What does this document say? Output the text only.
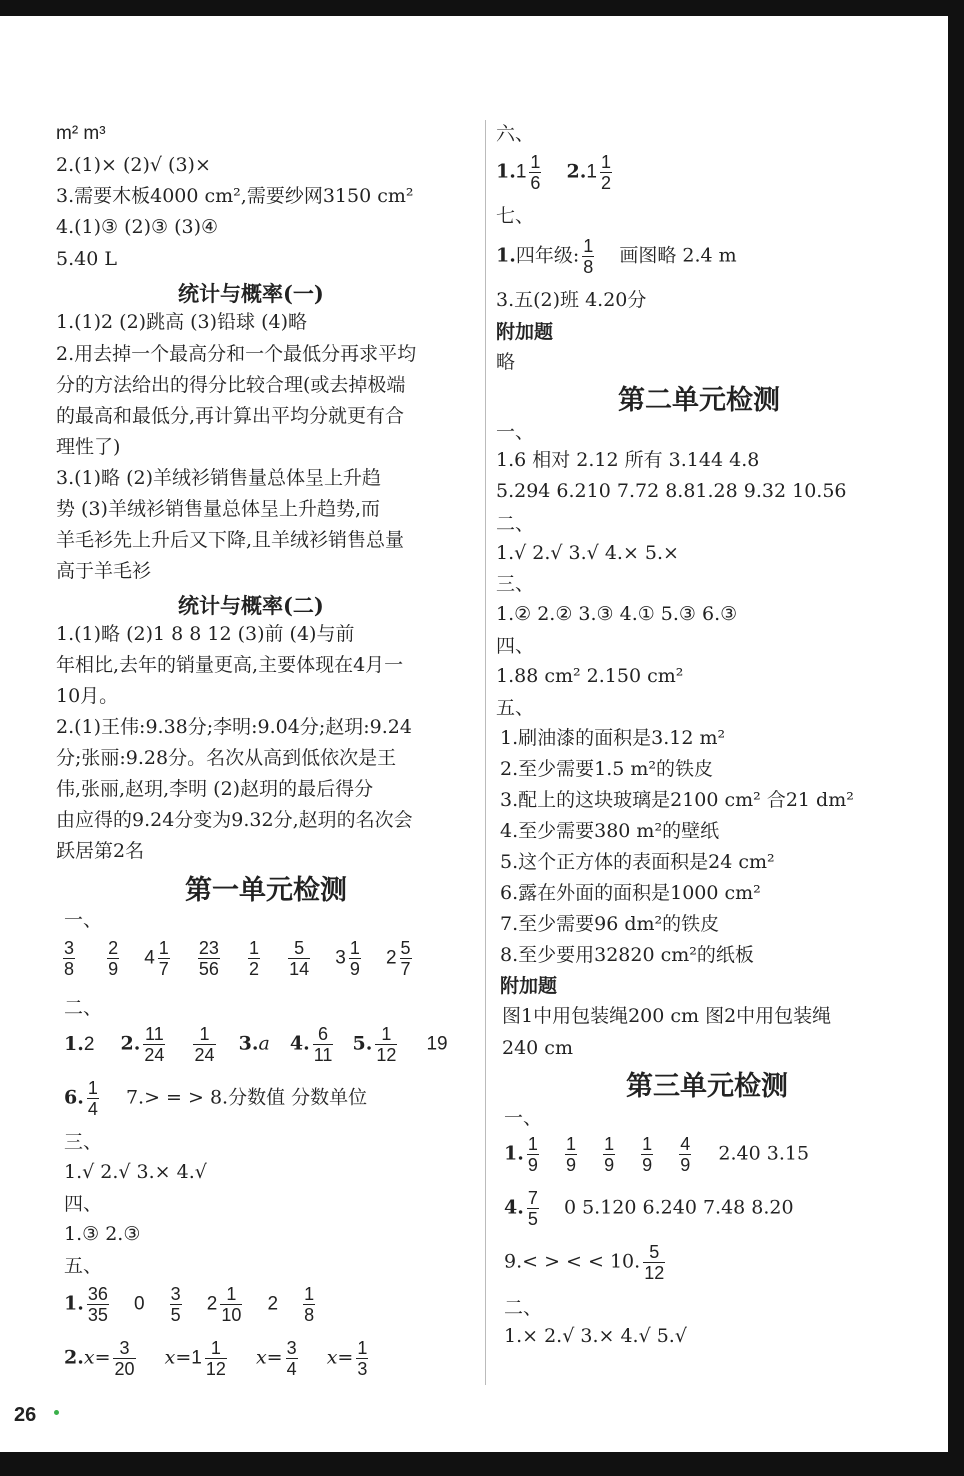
m² m³
2.(1)× (2)√ (3)×
3.需要木板4000 cm²,需要纱网3150 cm²
4.(1)③ (2)③ (3)④
5.40 L
统计与概率(一)
1.(1)2 (2)跳高 (3)铅球 (4)略
2.用去掉一个最高分和一个最低分再求平均
分的方法给出的得分比较合理(或去掉极端
的最高和最低分,再计算出平均分就更有合
理性了)
3.(1)略 (2)羊绒衫销售量总体呈上升趋
势 (3)羊绒衫销售量总体呈上升趋势,而
羊毛衫先上升后又下降,且羊绒衫销售总量
高于羊毛衫
统计与概率(二)
1.(1)略 (2)1 8 8 12 (3)前 (4)与前
年相比,去年的销量更高,主要体现在4月一
10月。
2.(1)王伟:9.38分;李明:9.04分;赵玥:9.24
分;张丽:9.28分。名次从高到低依次是王
伟,张丽,赵玥,李明 (2)赵玥的最后得分
由应得的9.24分变为9.32分,赵玥的名次会
跃居第2名
第一单元检测
一、
$\frac{3}{8}$
$\frac{2}{9} 4 \frac{1}{7}$
$\frac{23}{56}$
$\frac{1}{2}$
$\frac{5}{14} 3 \frac{1}{9} 2 \frac{5}{7}$
二、
1.2 2. $\frac{11}{24}$
$\frac{1}{24} 3.a$ 4. $\frac{6}{11} 5$. $\frac{1}{12} 19$
6. $\frac{1}{4} 7.>$ = > 8.分数值 分数单位
三、
1.√ 2.√ 3.× 4.√
四、
1.③ 2.③
五、
1. $\frac{36}{35} 0 \frac{3}{5} 2 \frac{1}{10} 2 \frac{1}{8}$
$2.x= \frac{3}{20} x=1 \frac{1}{12} x= \frac{3}{4} x= \frac{1}{3}$
六、
$1.1 \frac{1}{6} 2.1 \frac{1}{2}$
七、
1.四年级: $\frac{1}{8}$ 画图略 2.4 m
3.五(2)班 4.20分
附加题
略
第二单元检测
一、
1.6 相对 2.12 所有 3.144 4.8
5.294 6.210 7.72 8.81.28 9.32 10.56
二、
1.√ 2.√ 3.√ 4.× 5.×
三、
1.② 2.② 3.③ 4.① 5.③ 6.③
四、
1.88 cm² 2.150 cm²
五、
1.刷油漆的面积是3.12 m²
2.至少需要1.5 m²的铁皮
3.配上的这块玻璃是2100 cm² 合21 dm²
4.至少需要380 m²的壁纸
5.这个正方体的表面积是24 cm²
6.露在外面的面积是1000 cm²
7.至少需要96 dm²的铁皮
8.至少要用32820 cm²的纸板
附加题
图1中用包装绳200 cm 图2中用包装绳
240 cm
第三单元检测
一、
1. $\frac{1}{9}$
$\frac{1}{9}$
$\frac{1}{9}$
$\frac{1}{9}$
$\frac{4}{9} 2.40$ 3.15
4. $\frac{7}{5} 0$ 5.120 6.240 7.48 8.20
9.< > < < 10. $\frac{5}{12}$
二、
1.× 2.√ 3.× 4.√ 5.√
26
